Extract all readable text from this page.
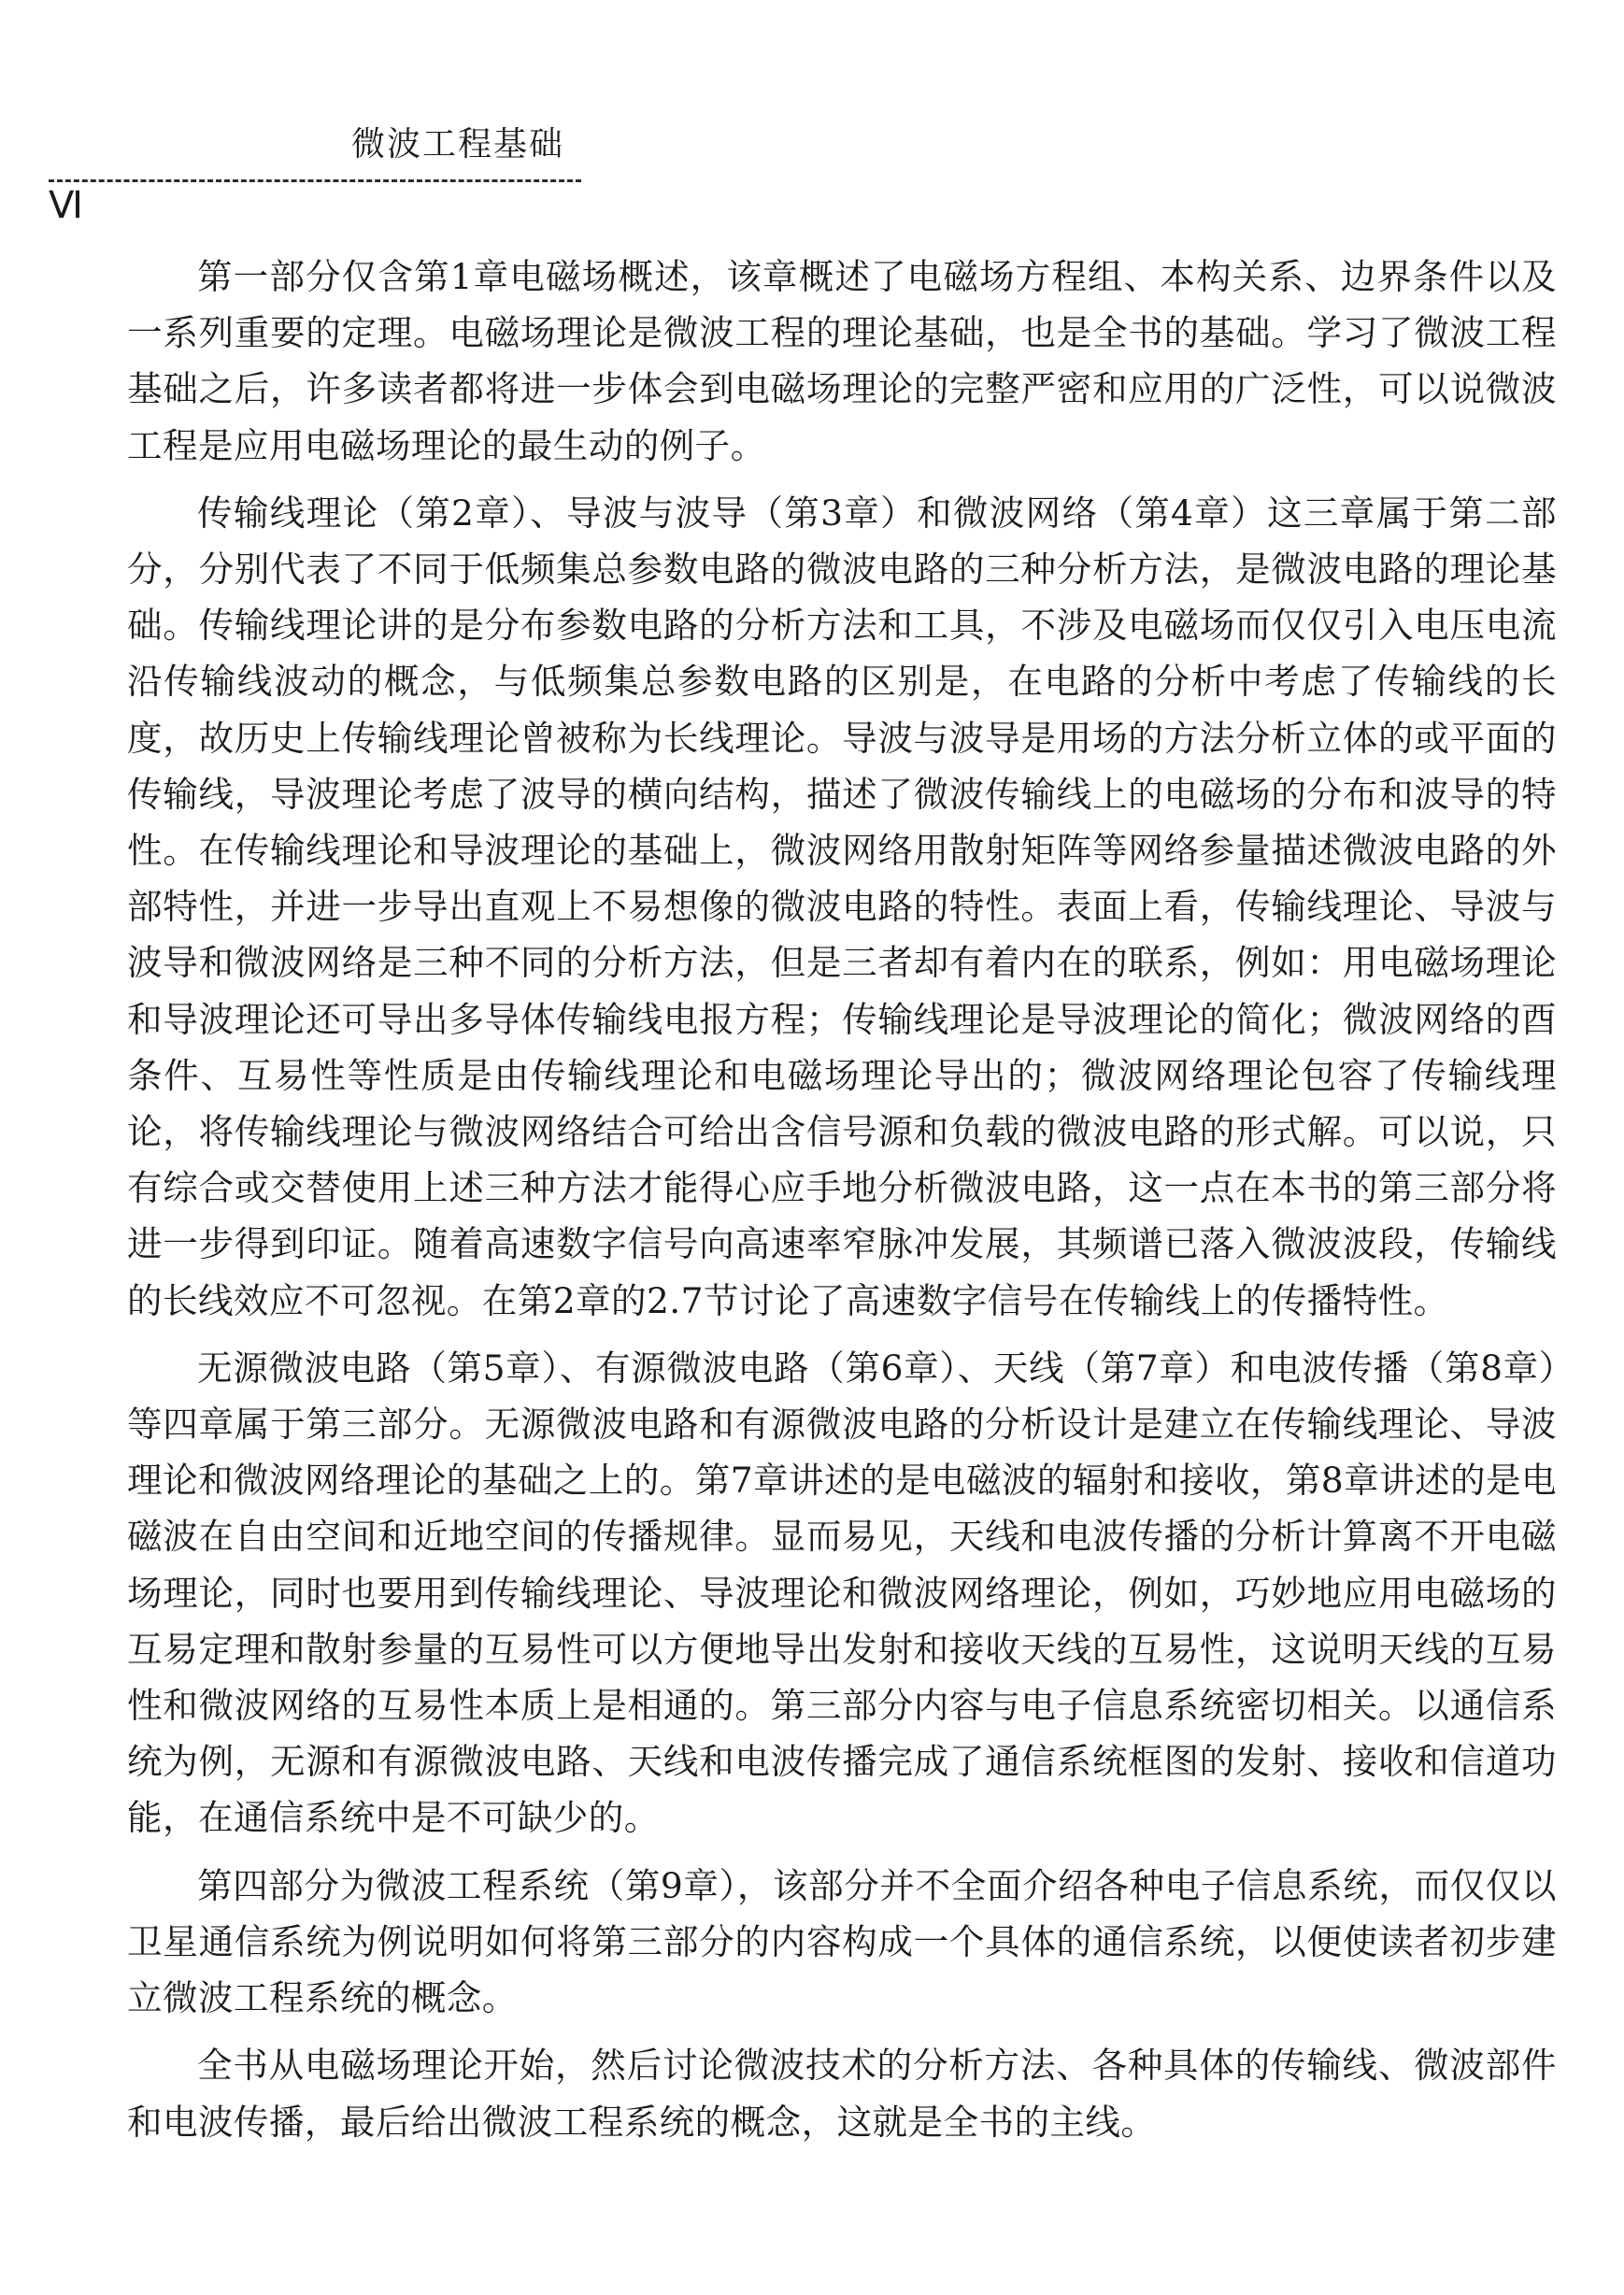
微波工程基础
Ⅵ

第一部分仅含第1章电磁场概述，该章概述了电磁场方程组、本构关系、边界条件以及一系列重要的定理。电磁场理论是微波工程的理论基础，也是全书的基础。学习了微波工程基础之后，许多读者都将进一步体会到电磁场理论的完整严密和应用的广泛性，可以说微波工程是应用电磁场理论的最生动的例子。

传输线理论（第2章）、导波与波导（第3章）和微波网络（第4章）这三章属于第二部分，分别代表了不同于低频集总参数电路的微波电路的三种分析方法，是微波电路的理论基础。传输线理论讲的是分布参数电路的分析方法和工具，不涉及电磁场而仅仅引入电压电流沿传输线波动的概念，与低频集总参数电路的区别是，在电路的分析中考虑了传输线的长度，故历史上传输线理论曾被称为长线理论。导波与波导是用场的方法分析立体的或平面的传输线，导波理论考虑了波导的横向结构，描述了微波传输线上的电磁场的分布和波导的特性。在传输线理论和导波理论的基础上，微波网络用散射矩阵等网络参量描述微波电路的外部特性，并进一步导出直观上不易想像的微波电路的特性。表面上看，传输线理论、导波与波导和微波网络是三种不同的分析方法，但是三者却有着内在的联系，例如：用电磁场理论和导波理论还可导出多导体传输线电报方程；传输线理论是导波理论的简化；微波网络的酉条件、互易性等性质是由传输线理论和电磁场理论导出的；微波网络理论包容了传输线理论，将传输线理论与微波网络结合可给出含信号源和负载的微波电路的形式解。可以说，只有综合或交替使用上述三种方法才能得心应手地分析微波电路，这一点在本书的第三部分将进一步得到印证。随着高速数字信号向高速率窄脉冲发展，其频谱已落入微波波段，传输线的长线效应不可忽视。在第2章的2.7节讨论了高速数字信号在传输线上的传播特性。

无源微波电路（第5章）、有源微波电路（第6章）、天线（第7章）和电波传播（第8章）等四章属于第三部分。无源微波电路和有源微波电路的分析设计是建立在传输线理论、导波理论和微波网络理论的基础之上的。第7章讲述的是电磁波的辐射和接收，第8章讲述的是电磁波在自由空间和近地空间的传播规律。显而易见，天线和电波传播的分析计算离不开电磁场理论，同时也要用到传输线理论、导波理论和微波网络理论，例如，巧妙地应用电磁场的互易定理和散射参量的互易性可以方便地导出发射和接收天线的互易性，这说明天线的互易性和微波网络的互易性本质上是相通的。第三部分内容与电子信息系统密切相关。以通信系统为例，无源和有源微波电路、天线和电波传播完成了通信系统框图的发射、接收和信道功能，在通信系统中是不可缺少的。

第四部分为微波工程系统（第9章），该部分并不全面介绍各种电子信息系统，而仅仅以卫星通信系统为例说明如何将第三部分的内容构成一个具体的通信系统，以便使读者初步建立微波工程系统的概念。

全书从电磁场理论开始，然后讨论微波技术的分析方法、各种具体的传输线、微波部件和电波传播，最后给出微波工程系统的概念，这就是全书的主线。
